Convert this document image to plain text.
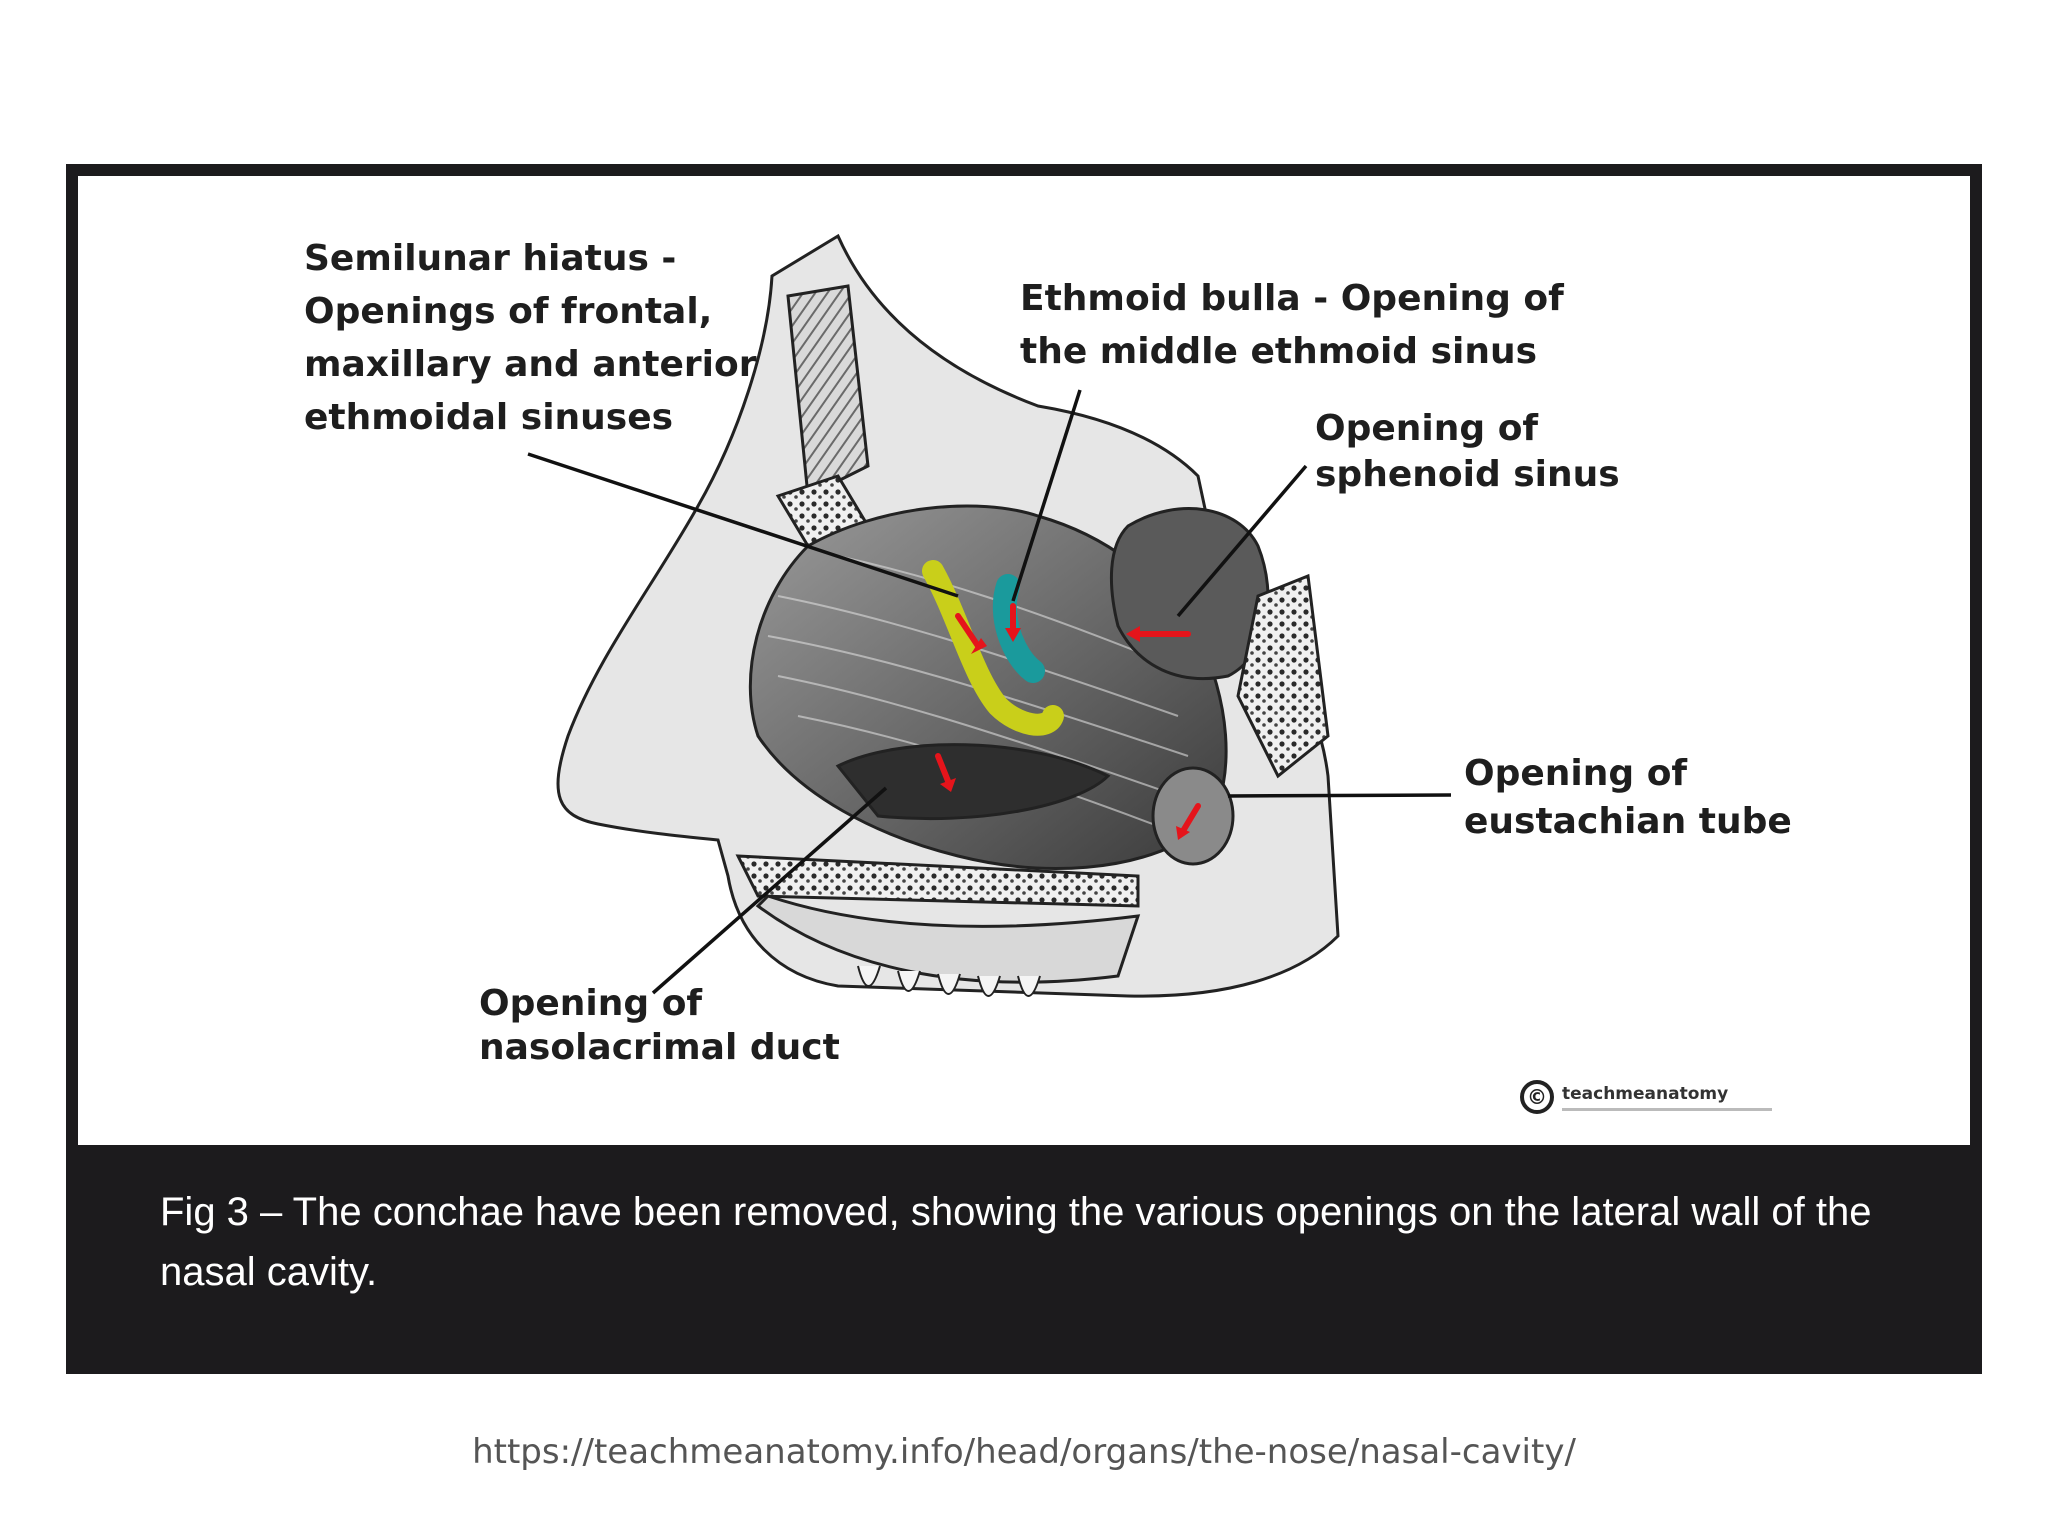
Semilunar hiatus -
Openings of frontal,
maxillary and anterior
ethmoidal sinuses
Ethmoid bulla - Opening of
the middle ethmoid sinus
Opening of
sphenoid sinus
Opening of
eustachian tube
Opening of
nasolacrimal duct
© teachmeanatomy
Fig 3 – The conchae have been removed, showing the various openings on the lateral wall of the nasal cavity.
https://teachmeanatomy.info/head/organs/the-nose/nasal-cavity/
